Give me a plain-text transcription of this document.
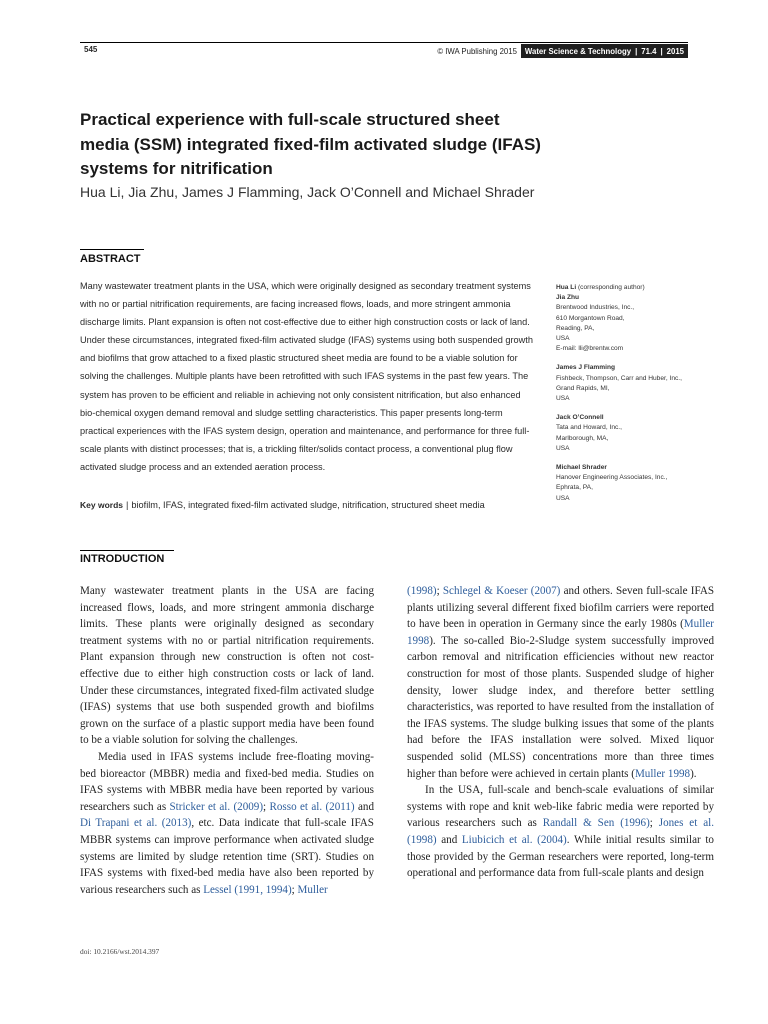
545	© IWA Publishing 2015 Water Science & Technology | 71.4 | 2015
Practical experience with full-scale structured sheet media (SSM) integrated fixed-film activated sludge (IFAS) systems for nitrification
Hua Li, Jia Zhu, James J Flamming, Jack O’Connell and Michael Shrader
ABSTRACT

Many wastewater treatment plants in the USA, which were originally designed as secondary treatment systems with no or partial nitrification requirements, are facing increased flows, loads, and more stringent ammonia discharge limits. Plant expansion is often not cost-effective due to either high construction costs or lack of land. Under these circumstances, integrated fixed-film activated sludge (IFAS) systems using both suspended growth and biofilms that grow attached to a fixed plastic structured sheet media are found to be a viable solution for solving the challenges. Multiple plants have been retrofitted with such IFAS systems in the past few years. The system has proven to be efficient and reliable in achieving not only consistent nitrification, but also enhanced bio-chemical oxygen demand removal and sludge settling characteristics. This paper presents long-term practical experiences with the IFAS system design, operation and maintenance, and performance for three full-scale plants with distinct processes; that is, a trickling filter/solids contact process, a conventional plug flow activated sludge process and an extended aeration process.

Key words | biofilm, IFAS, integrated fixed-film activated sludge, nitrification, structured sheet media
Hua Li (corresponding author)
Jia Zhu
Brentwood Industries, Inc.,
610 Morgantown Road,
Reading, PA,
USA
E-mail: lli@brentw.com
James J Flamming
Fishbeck, Thompson, Carr and Huber, Inc.,
Grand Rapids, MI,
USA
Jack O’Connell
Tata and Howard, Inc.,
Marlborough, MA,
USA
Michael Shrader
Hanover Engineering Associates, Inc.,
Ephrata, PA,
USA
INTRODUCTION

Many wastewater treatment plants in the USA are facing increased flows, loads, and more stringent ammonia discharge limits. These plants were originally designed as secondary treatment systems with no or partial nitrification requirements. Plant expansion through new construction is often not cost-effective due to either high construction costs or lack of land. Under these circumstances, integrated fixed-film activated sludge (IFAS) systems that use both suspended growth and biofilms grown on the surface of a plastic support media have been found to be a viable solution for solving the challenges.

Media used in IFAS systems include free-floating moving-bed bioreactor (MBBR) media and fixed-bed media. Studies on IFAS systems with MBBR media have been reported by various researchers such as Stricker et al. (2009); Rosso et al. (2011) and Di Trapani et al. (2013), etc. Data indicate that full-scale IFAS MBBR systems can improve performance when activated sludge systems are limited by sludge retention time (SRT). Studies on IFAS systems with fixed-bed media have also been reported by various researchers such as Lessel (1991, 1994); Muller

(1998); Schlegel & Koeser (2007) and others. Seven full-scale IFAS plants utilizing several different fixed biofilm carriers were reported to have been in operation in Germany since the early 1980s (Muller 1998). The so-called Bio-2-Sludge system successfully improved carbon removal and nitrification efficiencies without new reactor construction for most of those plants. Suspended sludge of higher density, lower sludge index, and therefore better settling characteristics, was reported to have resulted from the installation of the IFAS systems. The sludge bulking issues that some of the plants had before the IFAS installation were solved. Mixed liquor suspended solid (MLSS) concentrations more than three times higher than before were achieved in certain plants (Muller 1998).

In the USA, full-scale and bench-scale evaluations of similar systems with rope and knit web-like fabric media were reported by various researchers such as Randall & Sen (1996); Jones et al. (1998) and Liubicich et al. (2004). While initial results similar to those provided by the German researchers were reported, long-term operational and performance data from full-scale plants and design

doi: 10.2166/wst.2014.397
